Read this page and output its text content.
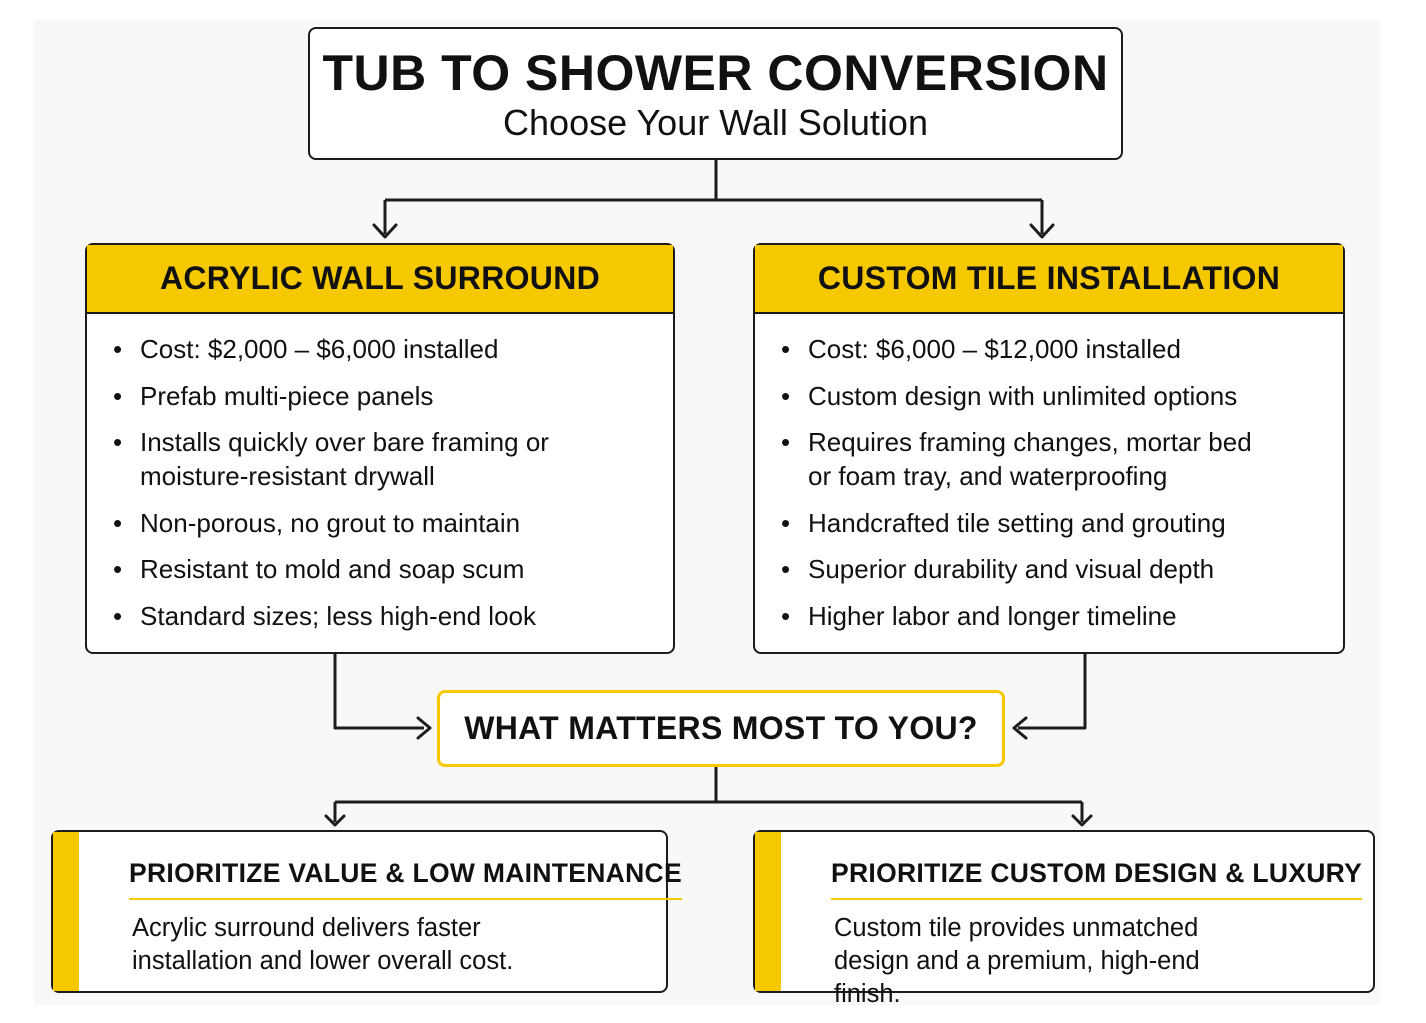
TUB TO SHOWER CONVERSION
Choose Your Wall Solution
ACRYLIC WALL SURROUND
• Cost: $2,000 – $6,000 installed
• Prefab multi-piece panels
• Installs quickly over bare framing or moisture-resistant drywall
• Non-porous, no grout to maintain
• Resistant to mold and soap scum
• Standard sizes; less high-end look
CUSTOM TILE INSTALLATION
• Cost: $6,000 – $12,000 installed
• Custom design with unlimited options
• Requires framing changes, mortar bed or foam tray, and waterproofing
• Handcrafted tile setting and grouting
• Superior durability and visual depth
• Higher labor and longer timeline
WHAT MATTERS MOST TO YOU?
PRIORITIZE VALUE & LOW MAINTENANCE
Acrylic surround delivers faster installation and lower overall cost.
PRIORITIZE CUSTOM DESIGN & LUXURY
Custom tile provides unmatched design and a premium, high-end finish.
